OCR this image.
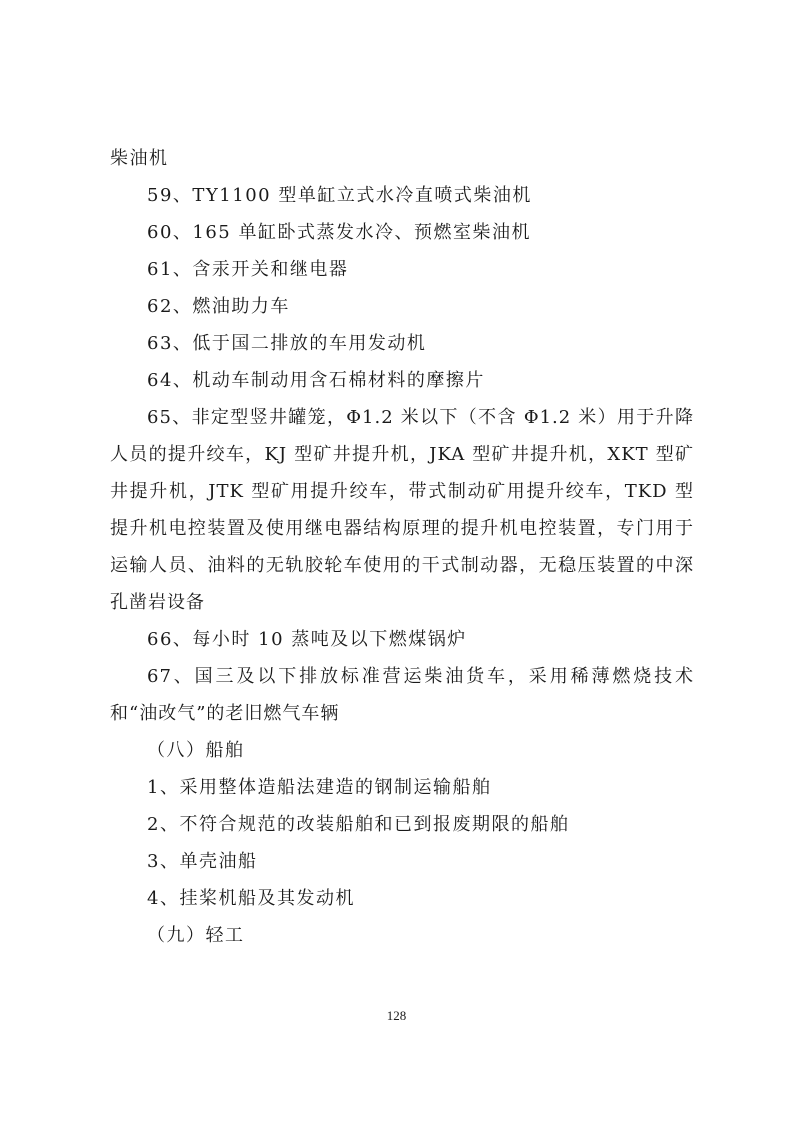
柴油机
59、TY1100 型单缸立式水冷直喷式柴油机
60、165 单缸卧式蒸发水冷、预燃室柴油机
61、含汞开关和继电器
62、燃油助力车
63、低于国二排放的车用发动机
64、机动车制动用含石棉材料的摩擦片
65、非定型竖井罐笼，Φ1.2 米以下（不含 Φ1.2 米）用于升降人员的提升绞车，KJ 型矿井提升机，JKA 型矿井提升机，XKT 型矿井提升机，JTK 型矿用提升绞车，带式制动矿用提升绞车，TKD 型提升机电控装置及使用继电器结构原理的提升机电控装置，专门用于运输人员、油料的无轨胶轮车使用的干式制动器，无稳压装置的中深孔凿岩设备
66、每小时 10 蒸吨及以下燃煤锅炉
67、国三及以下排放标准营运柴油货车，采用稀薄燃烧技术和“油改气”的老旧燃气车辆
（八）船舶
1、采用整体造船法建造的钢制运输船舶
2、不符合规范的改装船舶和已到报废期限的船舶
3、单壳油船
4、挂桨机船及其发动机
（九）轻工
128
